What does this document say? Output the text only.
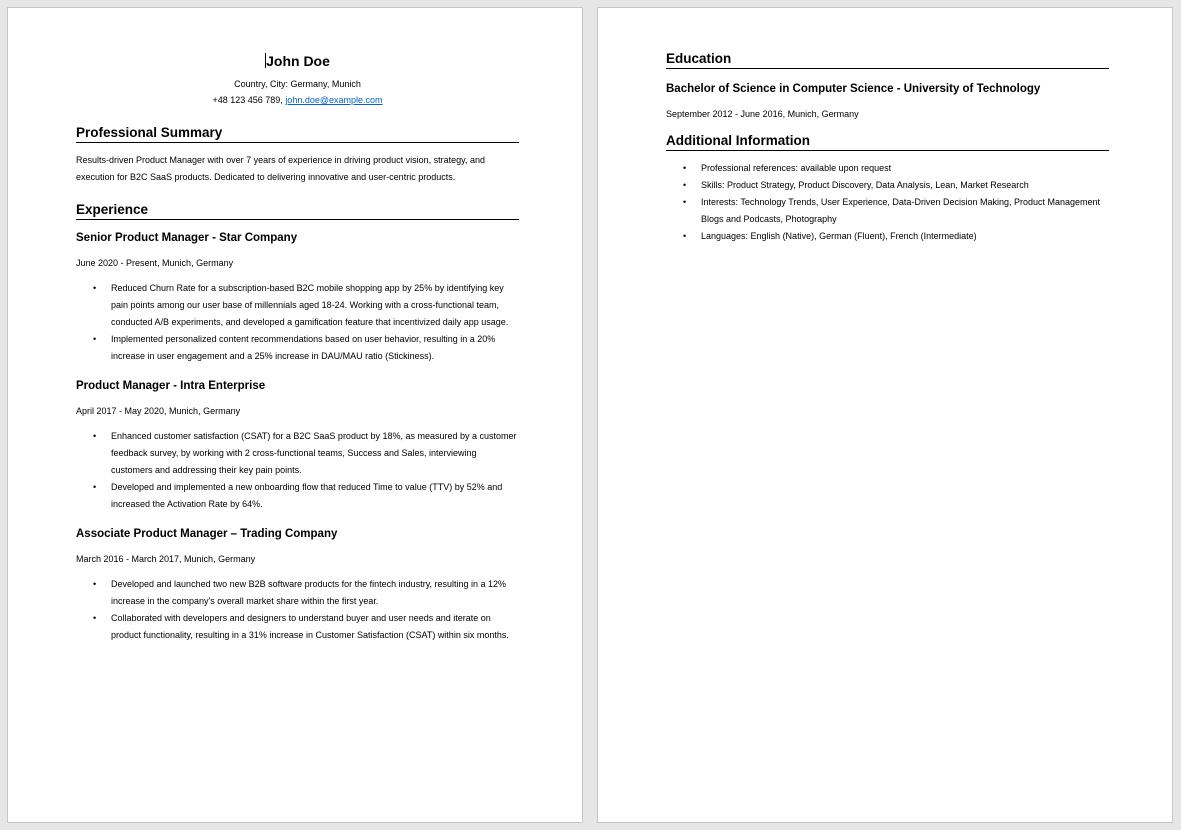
John Doe
Country, City: Germany, Munich
+48 123 456 789, john.doe@example.com
Professional Summary
Results-driven Product Manager with over 7 years of experience in driving product vision, strategy, and execution for B2C SaaS products. Dedicated to delivering innovative and user-centric products.
Experience
Senior Product Manager - Star Company
June 2020 - Present, Munich, Germany
• Reduced Churn Rate for a subscription-based B2C mobile shopping app by 25% by identifying key pain points among our user base of millennials aged 18-24. Working with a cross-functional team, conducted A/B experiments, and developed a gamification feature that incentivized daily app usage.
• Implemented personalized content recommendations based on user behavior, resulting in a 20% increase in user engagement and a 25% increase in DAU/MAU ratio (Stickiness).
Product Manager - Intra Enterprise
April 2017 - May 2020, Munich, Germany
• Enhanced customer satisfaction (CSAT) for a B2C SaaS product by 18%, as measured by a customer feedback survey, by working with 2 cross-functional teams, Success and Sales, interviewing customers and addressing their key pain points.
• Developed and implemented a new onboarding flow that reduced Time to value (TTV) by 52% and increased the Activation Rate by 64%.
Associate Product Manager – Trading Company
March 2016 - March 2017, Munich, Germany
• Developed and launched two new B2B software products for the fintech industry, resulting in a 12% increase in the company's overall market share within the first year.
• Collaborated with developers and designers to understand buyer and user needs and iterate on product functionality, resulting in a 31% increase in Customer Satisfaction (CSAT) within six months.
Education
Bachelor of Science in Computer Science - University of Technology
September 2012 - June 2016, Munich, Germany
Additional Information
• Professional references: available upon request
• Skills: Product Strategy, Product Discovery, Data Analysis, Lean, Market Research
• Interests: Technology Trends, User Experience, Data-Driven Decision Making, Product Management Blogs and Podcasts, Photography
• Languages: English (Native), German (Fluent), French (Intermediate)
